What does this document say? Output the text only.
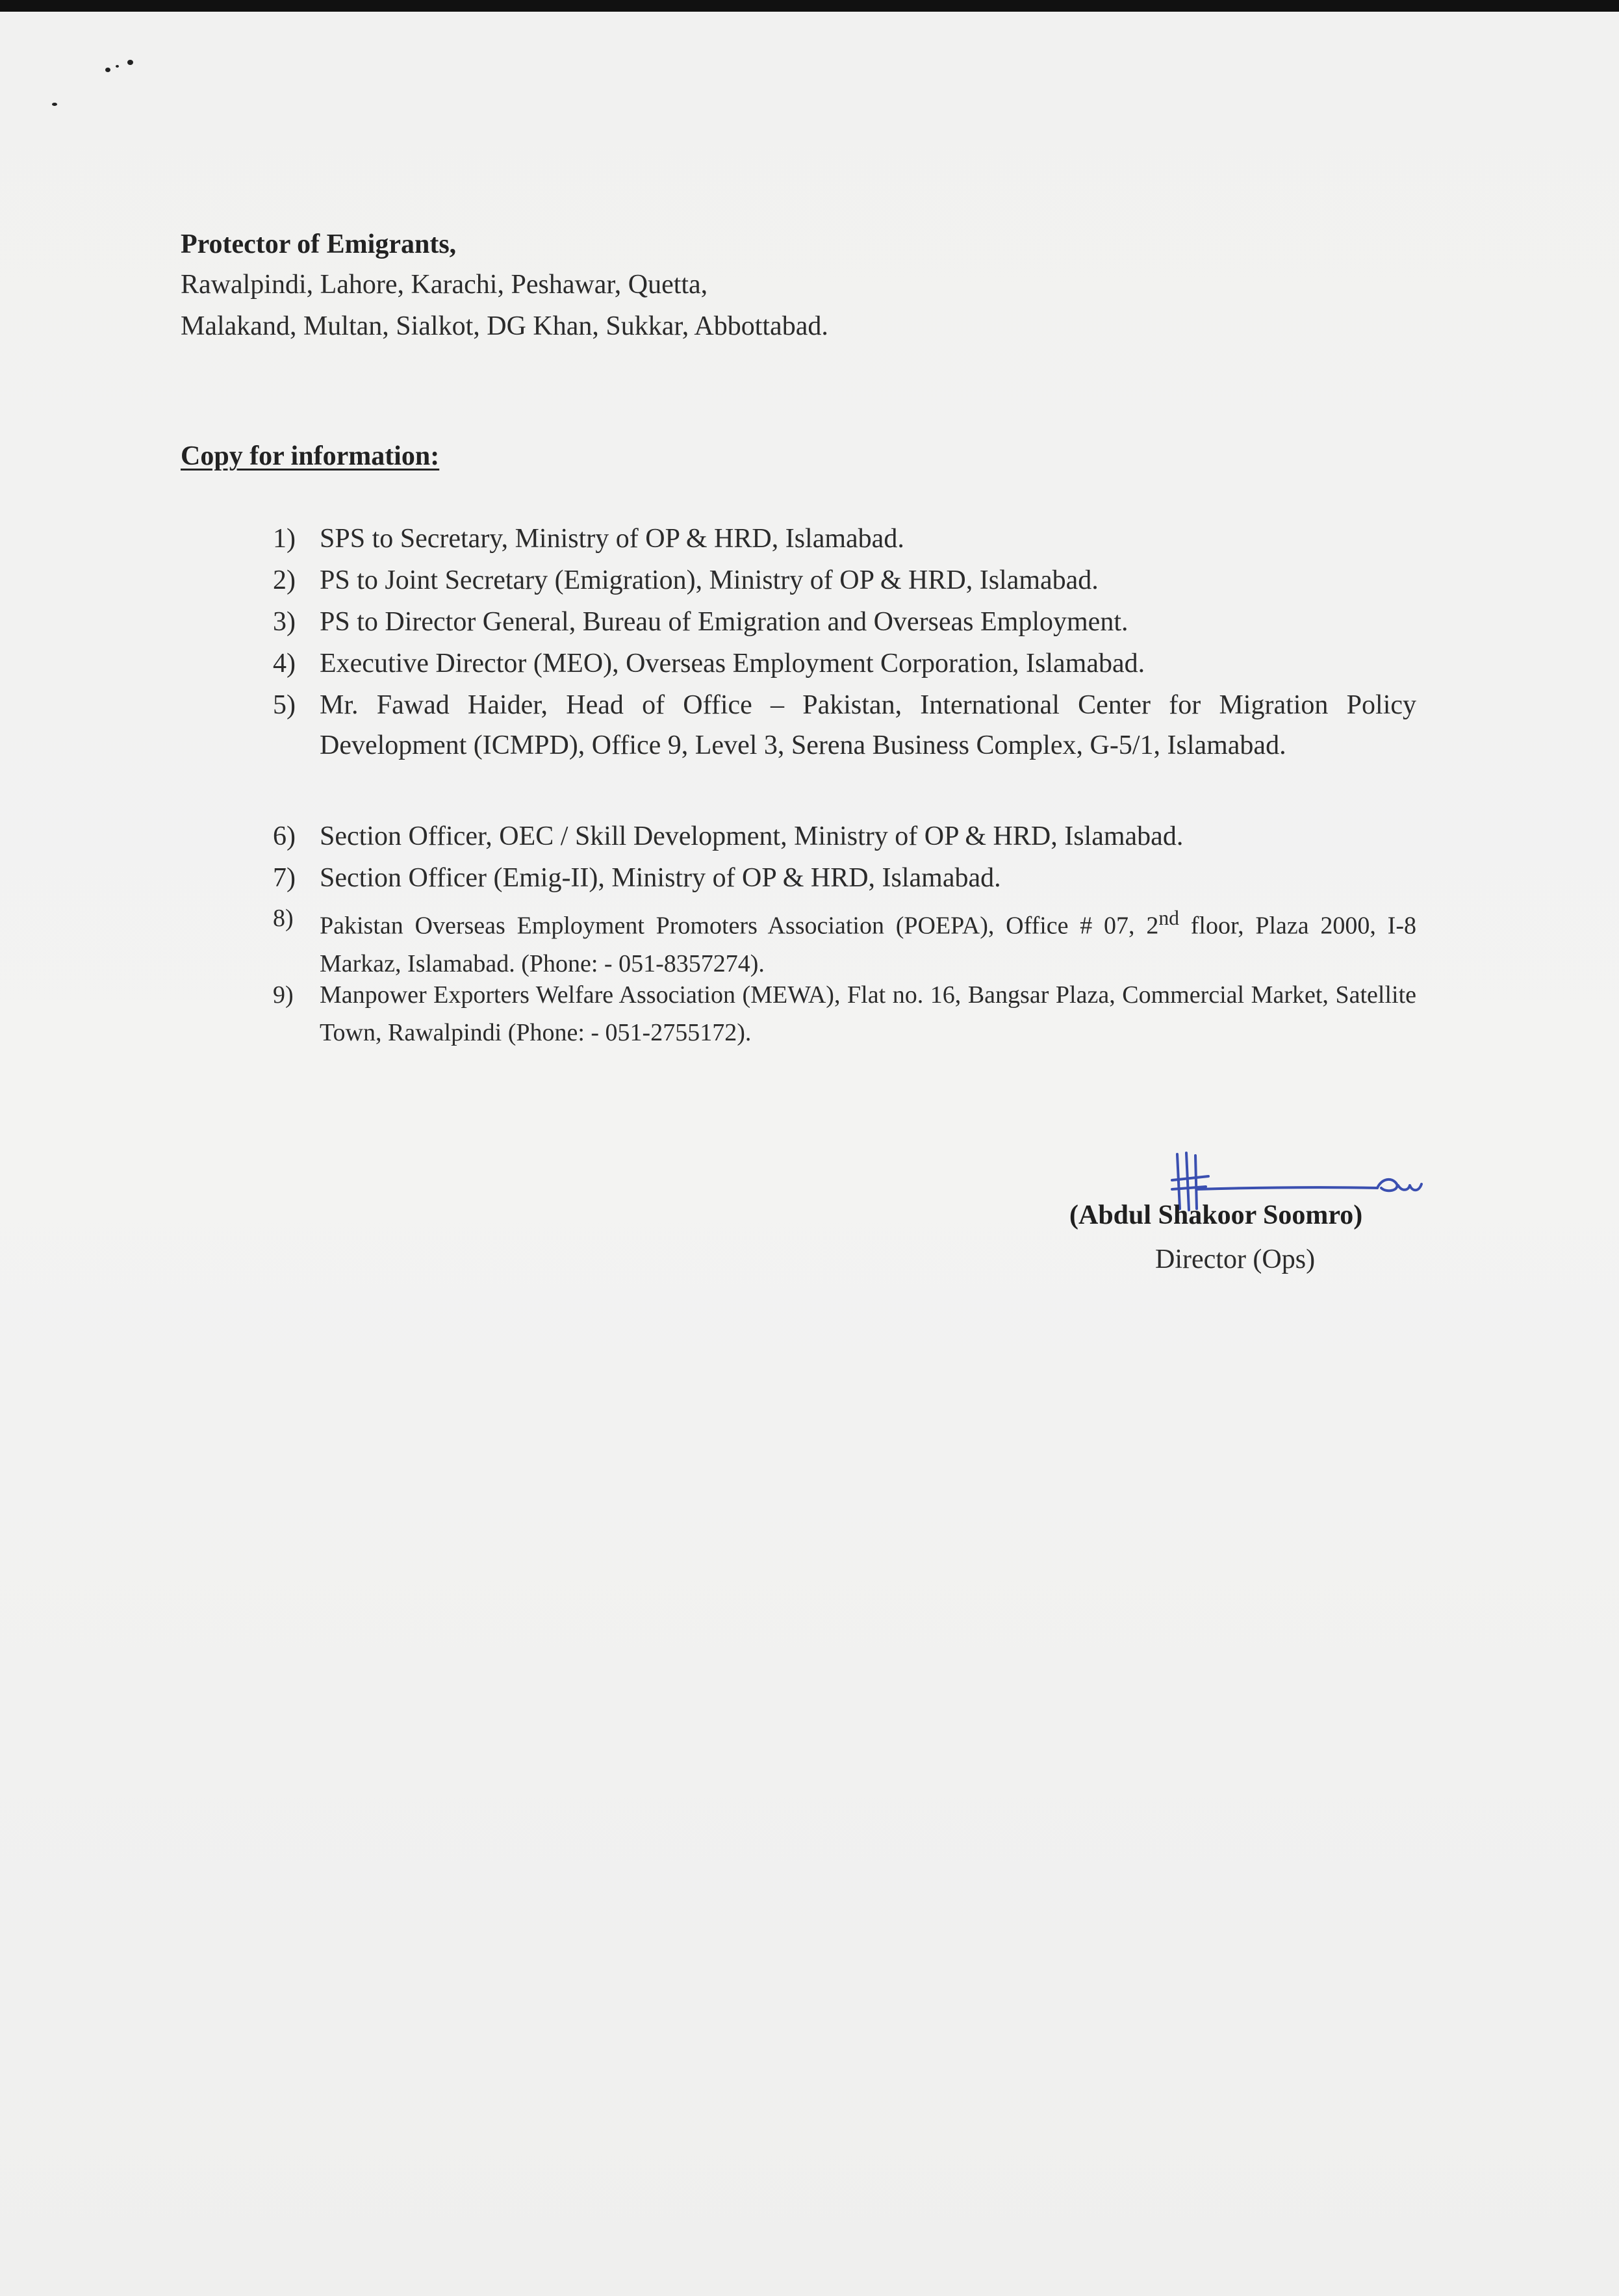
Protector of Emigrants,
Rawalpindi, Lahore, Karachi, Peshawar, Quetta,
Malakand, Multan, Sialkot, DG Khan, Sukkar, Abbottabad.
Copy for information:
1) SPS to Secretary, Ministry of OP & HRD, Islamabad.
2) PS to Joint Secretary (Emigration), Ministry of OP & HRD, Islamabad.
3) PS to Director General, Bureau of Emigration and Overseas Employment.
4) Executive Director (MEO), Overseas Employment Corporation, Islamabad.
5) Mr. Fawad Haider, Head of Office – Pakistan, International Center for Migration Policy Development (ICMPD), Office 9, Level 3, Serena Business Complex, G-5/1, Islamabad.
6) Section Officer, OEC / Skill Development, Ministry of OP & HRD, Islamabad.
7) Section Officer (Emig-II), Ministry of OP & HRD, Islamabad.
8)	Pakistan Overseas Employment Promoters Association (POEPA), Office # 07, 2nd floor, Plaza 2000, I-8 Markaz, Islamabad. (Phone: - 051-8357274).
9)	Manpower Exporters Welfare Association (MEWA), Flat no. 16, Bangsar Plaza, Commercial Market, Satellite Town, Rawalpindi (Phone: - 051-2755172).
(Abdul Shakoor Soomro)
Director (Ops)
